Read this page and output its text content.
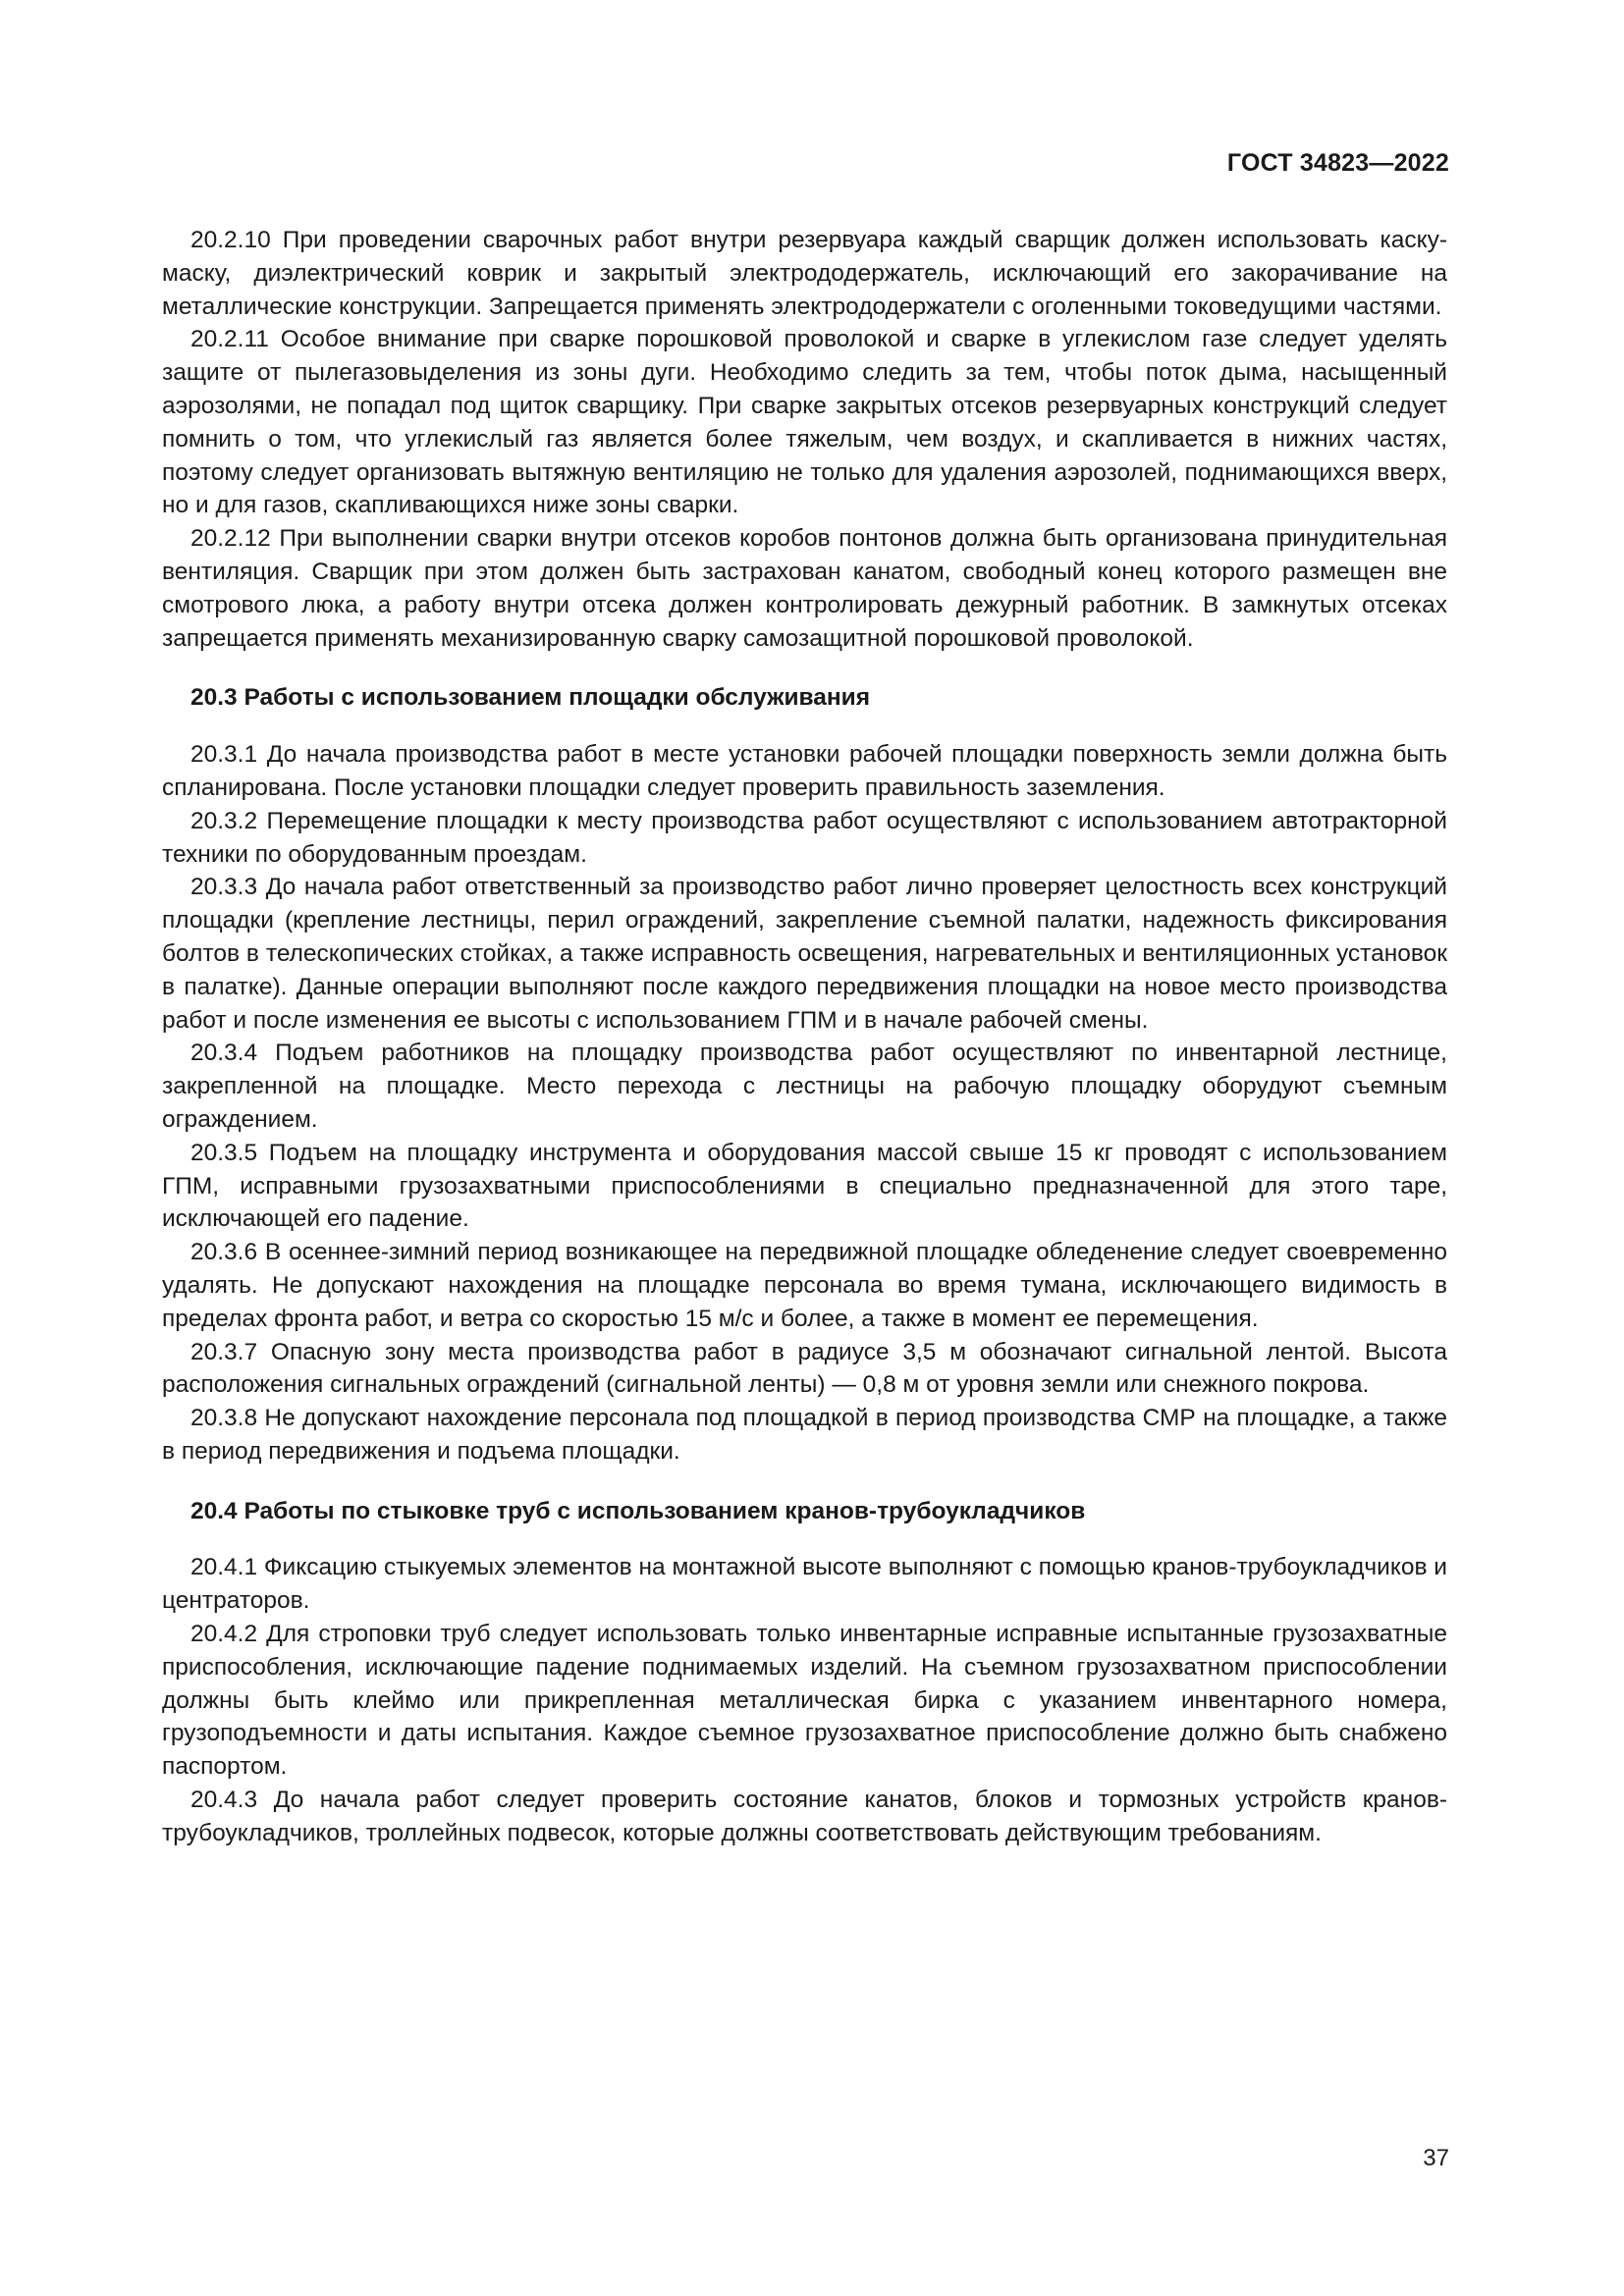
ГОСТ 34823—2022

20.2.10 При проведении сварочных работ внутри резервуара каждый сварщик должен использовать каску-маску, диэлектрический коврик и закрытый электрододержатель, исключающий его закорачивание на металлические конструкции. Запрещается применять электрододержатели с оголенными токоведущими частями.

20.2.11 Особое внимание при сварке порошковой проволокой и сварке в углекислом газе следует уделять защите от пылегазовыделения из зоны дуги. Необходимо следить за тем, чтобы поток дыма, насыщенный аэрозолями, не попадал под щиток сварщику. При сварке закрытых отсеков резервуарных конструкций следует помнить о том, что углекислый газ является более тяжелым, чем воздух, и скапливается в нижних частях, поэтому следует организовать вытяжную вентиляцию не только для удаления аэрозолей, поднимающихся вверх, но и для газов, скапливающихся ниже зоны сварки.

20.2.12 При выполнении сварки внутри отсеков коробов понтонов должна быть организована принудительная вентиляция. Сварщик при этом должен быть застрахован канатом, свободный конец которого размещен вне смотрового люка, а работу внутри отсека должен контролировать дежурный работник. В замкнутых отсеках запрещается применять механизированную сварку самозащитной порошковой проволокой.

20.3 Работы с использованием площадки обслуживания

20.3.1 До начала производства работ в месте установки рабочей площадки поверхность земли должна быть спланирована. После установки площадки следует проверить правильность заземления.

20.3.2 Перемещение площадки к месту производства работ осуществляют с использованием автотракторной техники по оборудованным проездам.

20.3.3 До начала работ ответственный за производство работ лично проверяет целостность всех конструкций площадки (крепление лестницы, перил ограждений, закрепление съемной палатки, надежность фиксирования болтов в телескопических стойках, а также исправность освещения, нагревательных и вентиляционных установок в палатке). Данные операции выполняют после каждого передвижения площадки на новое место производства работ и после изменения ее высоты с использованием ГПМ и в начале рабочей смены.

20.3.4 Подъем работников на площадку производства работ осуществляют по инвентарной лестнице, закрепленной на площадке. Место перехода с лестницы на рабочую площадку оборудуют съемным ограждением.

20.3.5 Подъем на площадку инструмента и оборудования массой свыше 15 кг проводят с использованием ГПМ, исправными грузозахватными приспособлениями в специально предназначенной для этого таре, исключающей его падение.

20.3.6 В осеннее-зимний период возникающее на передвижной площадке обледенение следует своевременно удалять. Не допускают нахождения на площадке персонала во время тумана, исключающего видимость в пределах фронта работ, и ветра со скоростью 15 м/с и более, а также в момент ее перемещения.

20.3.7 Опасную зону места производства работ в радиусе 3,5 м обозначают сигнальной лентой. Высота расположения сигнальных ограждений (сигнальной ленты) — 0,8 м от уровня земли или снежного покрова.

20.3.8 Не допускают нахождение персонала под площадкой в период производства СМР на площадке, а также в период передвижения и подъема площадки.

20.4 Работы по стыковке труб с использованием кранов-трубоукладчиков

20.4.1 Фиксацию стыкуемых элементов на монтажной высоте выполняют с помощью кранов-трубоукладчиков и центраторов.

20.4.2 Для строповки труб следует использовать только инвентарные исправные испытанные грузозахватные приспособления, исключающие падение поднимаемых изделий. На съемном грузозахватном приспособлении должны быть клеймо или прикрепленная металлическая бирка с указанием инвентарного номера, грузоподъемности и даты испытания. Каждое съемное грузозахватное приспособление должно быть снабжено паспортом.

20.4.3 До начала работ следует проверить состояние канатов, блоков и тормозных устройств кранов-трубоукладчиков, троллейных подвесок, которые должны соответствовать действующим требованиям.

37
